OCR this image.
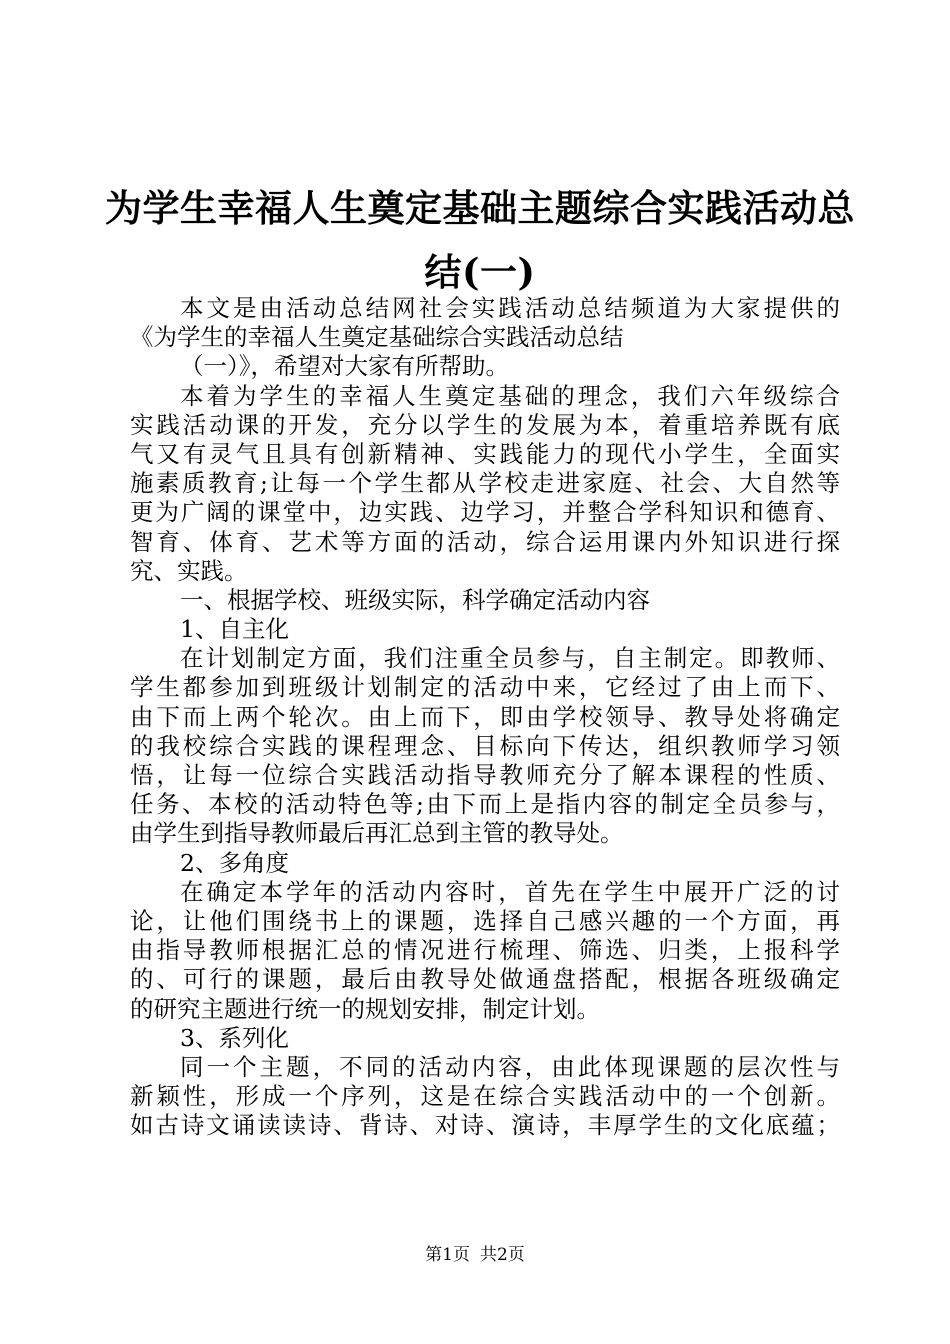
为学生幸福人生奠定基础主题综合实践活动总
结(一)
本文是由活动总结网社会实践活动总结频道为大家提供的
《为学生的幸福人生奠定基础综合实践活动总结
（一）》，希望对大家有所帮助。
本着为学生的幸福人生奠定基础的理念，我们六年级综合
实践活动课的开发，充分以学生的发展为本，着重培养既有底
气又有灵气且具有创新精神、实践能力的现代小学生，全面实
施素质教育;让每一个学生都从学校走进家庭、社会、大自然等
更为广阔的课堂中，边实践、边学习，并整合学科知识和德育、
智育、体育、艺术等方面的活动，综合运用课内外知识进行探
究、实践。
一、根据学校、班级实际，科学确定活动内容
1、自主化
在计划制定方面，我们注重全员参与，自主制定。即教师、
学生都参加到班级计划制定的活动中来，它经过了由上而下、
由下而上两个轮次。由上而下，即由学校领导、教导处将确定
的我校综合实践的课程理念、目标向下传达，组织教师学习领
悟，让每一位综合实践活动指导教师充分了解本课程的性质、
任务、本校的活动特色等;由下而上是指内容的制定全员参与，
由学生到指导教师最后再汇总到主管的教导处。
2、多角度
在确定本学年的活动内容时，首先在学生中展开广泛的讨
论，让他们围绕书上的课题，选择自己感兴趣的一个方面，再
由指导教师根据汇总的情况进行梳理、筛选、归类，上报科学
的、可行的课题，最后由教导处做通盘搭配，根据各班级确定
的研究主题进行统一的规划安排，制定计划。
3、系列化
同一个主题，不同的活动内容，由此体现课题的层次性与
新颖性，形成一个序列，这是在综合实践活动中的一个创新。
如古诗文诵读读诗、背诗、对诗、演诗，丰厚学生的文化底蕴；
第1页 共2页
